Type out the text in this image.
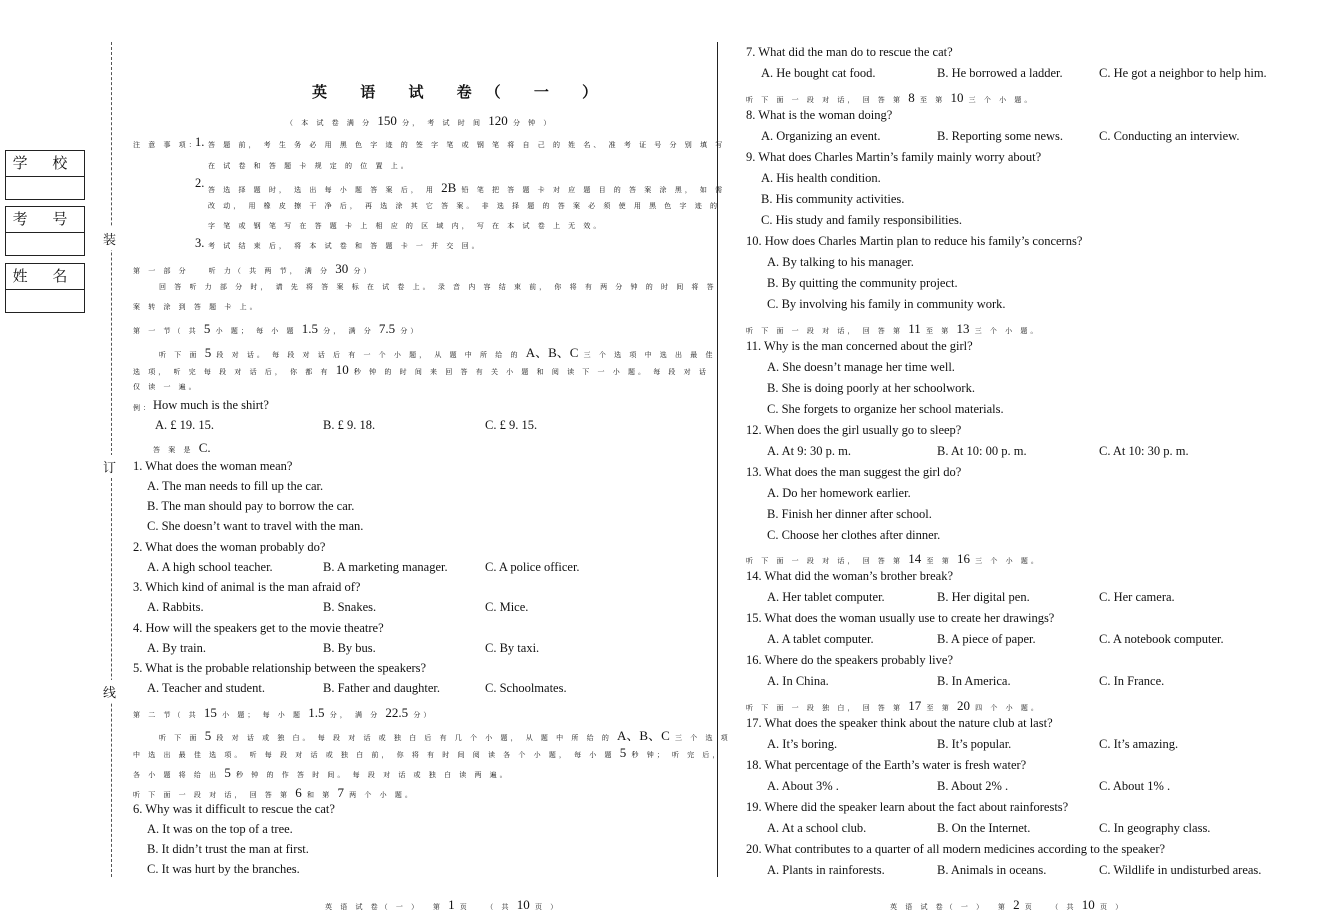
学 校
考 号
姓 名
装
订
线
英 语 试 卷（ 一 ）
（ 本 试 卷 满 分 150 分， 考 试 时 间 120 分 钟 ）
注 意 事 项：
1. 答 题 前， 考 生 务 必 用 黑 色 字 迹 的 签 字 笔 或 钢 笔 将 自 己 的 姓 名、 准 考 证 号 分 别 填 写
在 试 卷 和 答 题 卡 规 定 的 位 置 上。
2. 答 选 择 题 时， 选 出 每 小 题 答 案 后， 用 2B 铅 笔 把 答 题 卡 对 应 题 目 的 答 案 涂 黑， 如 需
改 动， 用 橡 皮 擦 干 净 后， 再 选 涂 其 它 答 案。 非 选 择 题 的 答 案 必 须 使 用 黑 色 字 迹 的
字 笔 或 钢 笔 写 在 答 题 卡 上 相 应 的 区 域 内， 写 在 本 试 卷 上 无 效。
3. 考 试 结 束 后， 将 本 试 卷 和 答 题 卡 一 并 交 回。
第 一 部 分　　听 力（ 共 两 节， 满 分 30 分）
回 答 听 力 部 分 时， 请 先 将 答 案 标 在 试 卷 上。 录 音 内 容 结 束 前， 你 将 有 两 分 钟 的 时 间 将 答
案 转 涂 到 答 题 卡 上。
第 一 节（ 共 5 小 题； 每 小 题 1.5 分， 满 分 7.5 分）
听 下 面 5 段 对 话。 每 段 对 话 后 有 一 个 小 题， 从 题 中 所 给 的 A、B、C 三 个 选 项 中 选 出 最 佳
选 项， 听 完 每 段 对 话 后， 你 都 有 10 秒 钟 的 时 间 来 回 答 有 关 小 题 和 阅 读 下 一 小 题。 每 段 对 话
仅 读 一 遍。
例： How much is the shirt?
A. £ 19. 15.	B. £ 9. 18.	C. £ 9. 15.
答 案 是 C.
1. What does the woman mean?
A. The man needs to fill up the car.
B. The man should pay to borrow the car.
C. She doesn’t want to travel with the man.
2. What does the woman probably do?
A. A high school teacher.	B. A marketing manager.	C. A police officer.
3. Which kind of animal is the man afraid of?
A. Rabbits.	B. Snakes.	C. Mice.
4. How will the speakers get to the movie theatre?
A. By train.	B. By bus.	C. By taxi.
5. What is the probable relationship between the speakers?
A. Teacher and student.	B. Father and daughter.	C. Schoolmates.
第 二 节（ 共 15 小 题； 每 小 题 1.5 分， 满 分 22.5 分）
听 下 面 5 段 对 话 或 独 白。 每 段 对 话 或 独 白 后 有 几 个 小 题， 从 题 中 所 给 的 A、B、C 三 个 选 项
中 选 出 最 佳 选 项。 听 每 段 对 话 或 独 白 前， 你 将 有 时 间 阅 读 各 个 小 题， 每 小 题 5 秒 钟； 听 完 后，
各 小 题 将 给 出 5 秒 钟 的 作 答 时 间。 每 段 对 话 或 独 白 读 两 遍。
听 下 面 一 段 对 话， 回 答 第 6 和 第 7 两 个 小 题。
6. Why was it difficult to rescue the cat?
A. It was on the top of a tree.
B. It didn’t trust the man at first.
C. It was hurt by the branches.
7. What did the man do to rescue the cat?
A. He bought cat food.	B. He borrowed a ladder.	C. He got a neighbor to help him.
听 下 面 一 段 对 话， 回 答 第 8 至 第 10 三 个 小 题。
8. What is the woman doing?
A. Organizing an event.	B. Reporting some news.	C. Conducting an interview.
9. What does Charles Martin’s family mainly worry about?
A. His health condition.
B. His community activities.
C. His study and family responsibilities.
10. How does Charles Martin plan to reduce his family’s concerns?
A. By talking to his manager.
B. By quitting the community project.
C. By involving his family in community work.
听 下 面 一 段 对 话， 回 答 第 11 至 第 13 三 个 小 题。
11. Why is the man concerned about the girl?
A. She doesn’t manage her time well.
B. She is doing poorly at her schoolwork.
C. She forgets to organize her school materials.
12. When does the girl usually go to sleep?
A. At 9: 30 p. m.	B. At 10: 00 p. m.	C. At 10: 30 p. m.
13. What does the man suggest the girl do?
A. Do her homework earlier.
B. Finish her dinner after school.
C. Choose her clothes after dinner.
听 下 面 一 段 对 话， 回 答 第 14 至 第 16 三 个 小 题。
14. What did the woman’s brother break?
A. Her tablet computer.	B. Her digital pen.	C. Her camera.
15. What does the woman usually use to create her drawings?
A. A tablet computer.	B. A piece of paper.	C. A notebook computer.
16. Where do the speakers probably live?
A. In China.	B. In America.	C. In France.
听 下 面 一 段 独 白， 回 答 第 17 至 第 20 四 个 小 题。
17. What does the speaker think about the nature club at last?
A. It’s boring.	B. It’s popular.	C. It’s amazing.
18. What percentage of the Earth’s water is fresh water?
A. About 3% .	B. About 2% .	C. About 1% .
19. Where did the speaker learn about the fact about rainforests?
A. At a school club.	B. On the Internet.	C. In geography class.
20. What contributes to a quarter of all modern medicines according to the speaker?
A. Plants in rainforests.	B. Animals in oceans.	C. Wildlife in undisturbed areas.
英 语 试 卷（ 一 ）　 第 1 页　　（ 共 10 页 ）	英 语 试 卷（ 一 ）　 第 2 页　　（ 共 10 页 ）
